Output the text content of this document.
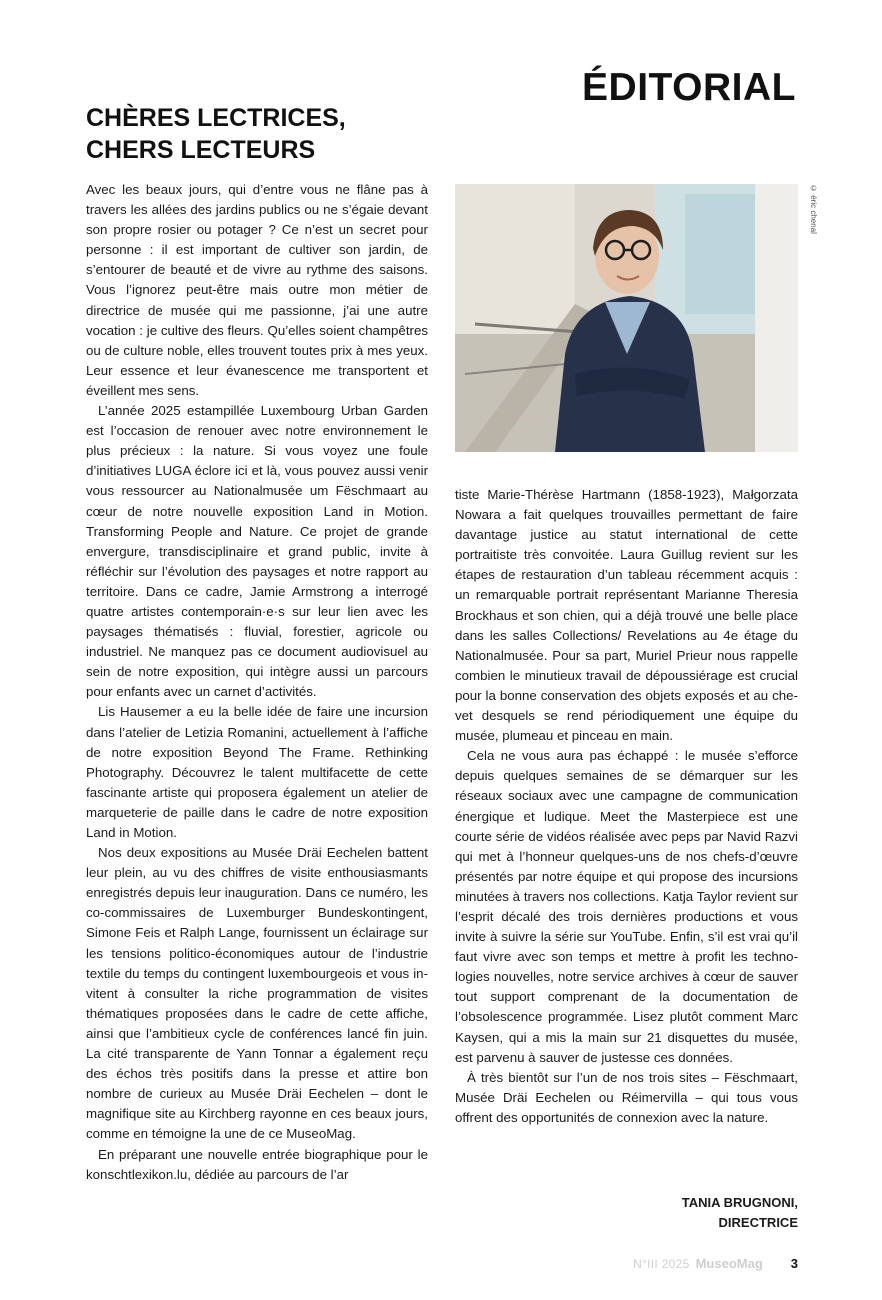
ÉDITORIAL
CHÈRES LECTRICES,
CHERS LECTEURS

Avec les beaux jours, qui d’entre vous ne flâne pas à travers les allées des jardins publics ou ne s’égaie devant son propre rosier ou potager ? Ce n’est un secret pour personne : il est important de cultiver son jardin, de s’entourer de beauté et de vivre au rythme des saisons. Vous l’ignorez peut-être mais outre mon métier de directrice de musée qui me passionne, j’ai une autre vocation : je cultive des fleurs. Qu’elles soient champêtres ou de culture noble, elles trouvent toutes prix à mes yeux. Leur essence et leur évanescence me transportent et éveillent mes sens.

L’année 2025 estampillée Luxembourg Urban Garden est l’occasion de renouer avec notre environnement le plus précieux : la nature. Si vous voyez une foule d’initiatives LUGA éclore ici et là, vous pouvez aussi venir vous ressourcer au Nationalmusée um Fëschmaart au cœur de notre nouvelle exposition Land in Motion. Transforming People and Nature. Ce projet de grande envergure, transdisciplinaire et grand public, invite à réfléchir sur l’évolution des paysages et notre rapport au territoire. Dans ce cadre, Jamie Armstrong a interrogé quatre artistes contemporain·e·s sur leur lien avec les paysages thématisés : fluvial, forestier, agricole ou industriel. Ne manquez pas ce document audiovisuel au sein de notre exposition, qui intègre aussi un parcours pour enfants avec un carnet d’activités.

Lis Hausemer a eu la belle idée de faire une incursion dans l’atelier de Letizia Romanini, actuellement à l’affiche de notre exposition Beyond The Frame. Rethinking Photography. Découvrez le talent multifacette de cette fascinante artiste qui proposera également un atelier de marqueterie de paille dans le cadre de notre exposition Land in Motion.

Nos deux expositions au Musée Dräi Eechelen battent leur plein, au vu des chiffres de visite enthousiasmants enregistrés depuis leur inauguration. Dans ce numéro, les co-commissaires de Luxemburger Bundeskontingent, Simone Feis et Ralph Lange, fournissent un éclairage sur les tensions politico-économiques autour de l’industrie textile du temps du contingent luxembourgeois et vous invitent à consulter la riche programmation de visites thématiques proposées dans le cadre de cette affiche, ainsi que l’ambitieux cycle de conférences lancé fin juin. La cité transparente de Yann Tonnar a également reçu des échos très positifs dans la presse et attire bon nombre de curieux au Musée Dräi Eechelen – dont le magnifique site au Kirchberg rayonne en ces beaux jours, comme en témoigne la une de ce MuseoMag.

En préparant une nouvelle entrée biographique pour le konschtlexikon.lu, dédiée au parcours de l’ar

© éric chenal

tiste Marie-Thérèse Hartmann (1858-1923), Małgorzata Nowara a fait quelques trouvailles permettant de faire davantage justice au statut international de cette portraitiste très convoitée. Laura Guillug revient sur les étapes de restauration d’un tableau récemment acquis : un remarquable portrait représentant Marianne Theresia Brockhaus et son chien, qui a déjà trouvé une belle place dans les salles Collections/ Revelations au 4e étage du Nationalmusée. Pour sa part, Muriel Prieur nous rappelle combien le minutieux travail de dépoussiérage est crucial pour la bonne conservation des objets exposés et au chevet desquels se rend périodiquement une équipe du musée, plumeau et pinceau en main.

Cela ne vous aura pas échappé : le musée s’efforce depuis quelques semaines de se démarquer sur les réseaux sociaux avec une campagne de communication énergique et ludique. Meet the Masterpiece est une courte série de vidéos réalisée avec peps par Navid Razvi qui met à l’honneur quelques-uns de nos chefs-d’œuvre présentés par notre équipe et qui propose des incursions minutées à travers nos collections. Katja Taylor revient sur l’esprit décalé des trois dernières productions et vous invite à suivre la série sur YouTube. Enfin, s’il est vrai qu’il faut vivre avec son temps et mettre à profit les technologies nouvelles, notre service archives à cœur de sauver tout support comprenant de la documentation de l’obsolescence programmée. Lisez plutôt comment Marc Kaysen, qui a mis la main sur 21 disquettes du musée, est parvenu à sauver de justesse ces données.

À très bientôt sur l’un de nos trois sites – Fëschmaart, Musée Dräi Eechelen ou Réimervilla – qui tous vous offrent des opportunités de connexion avec la nature.

TANIA BRUGNONI,
DIRECTRICE
N°III 2025 MuseoMag 3
